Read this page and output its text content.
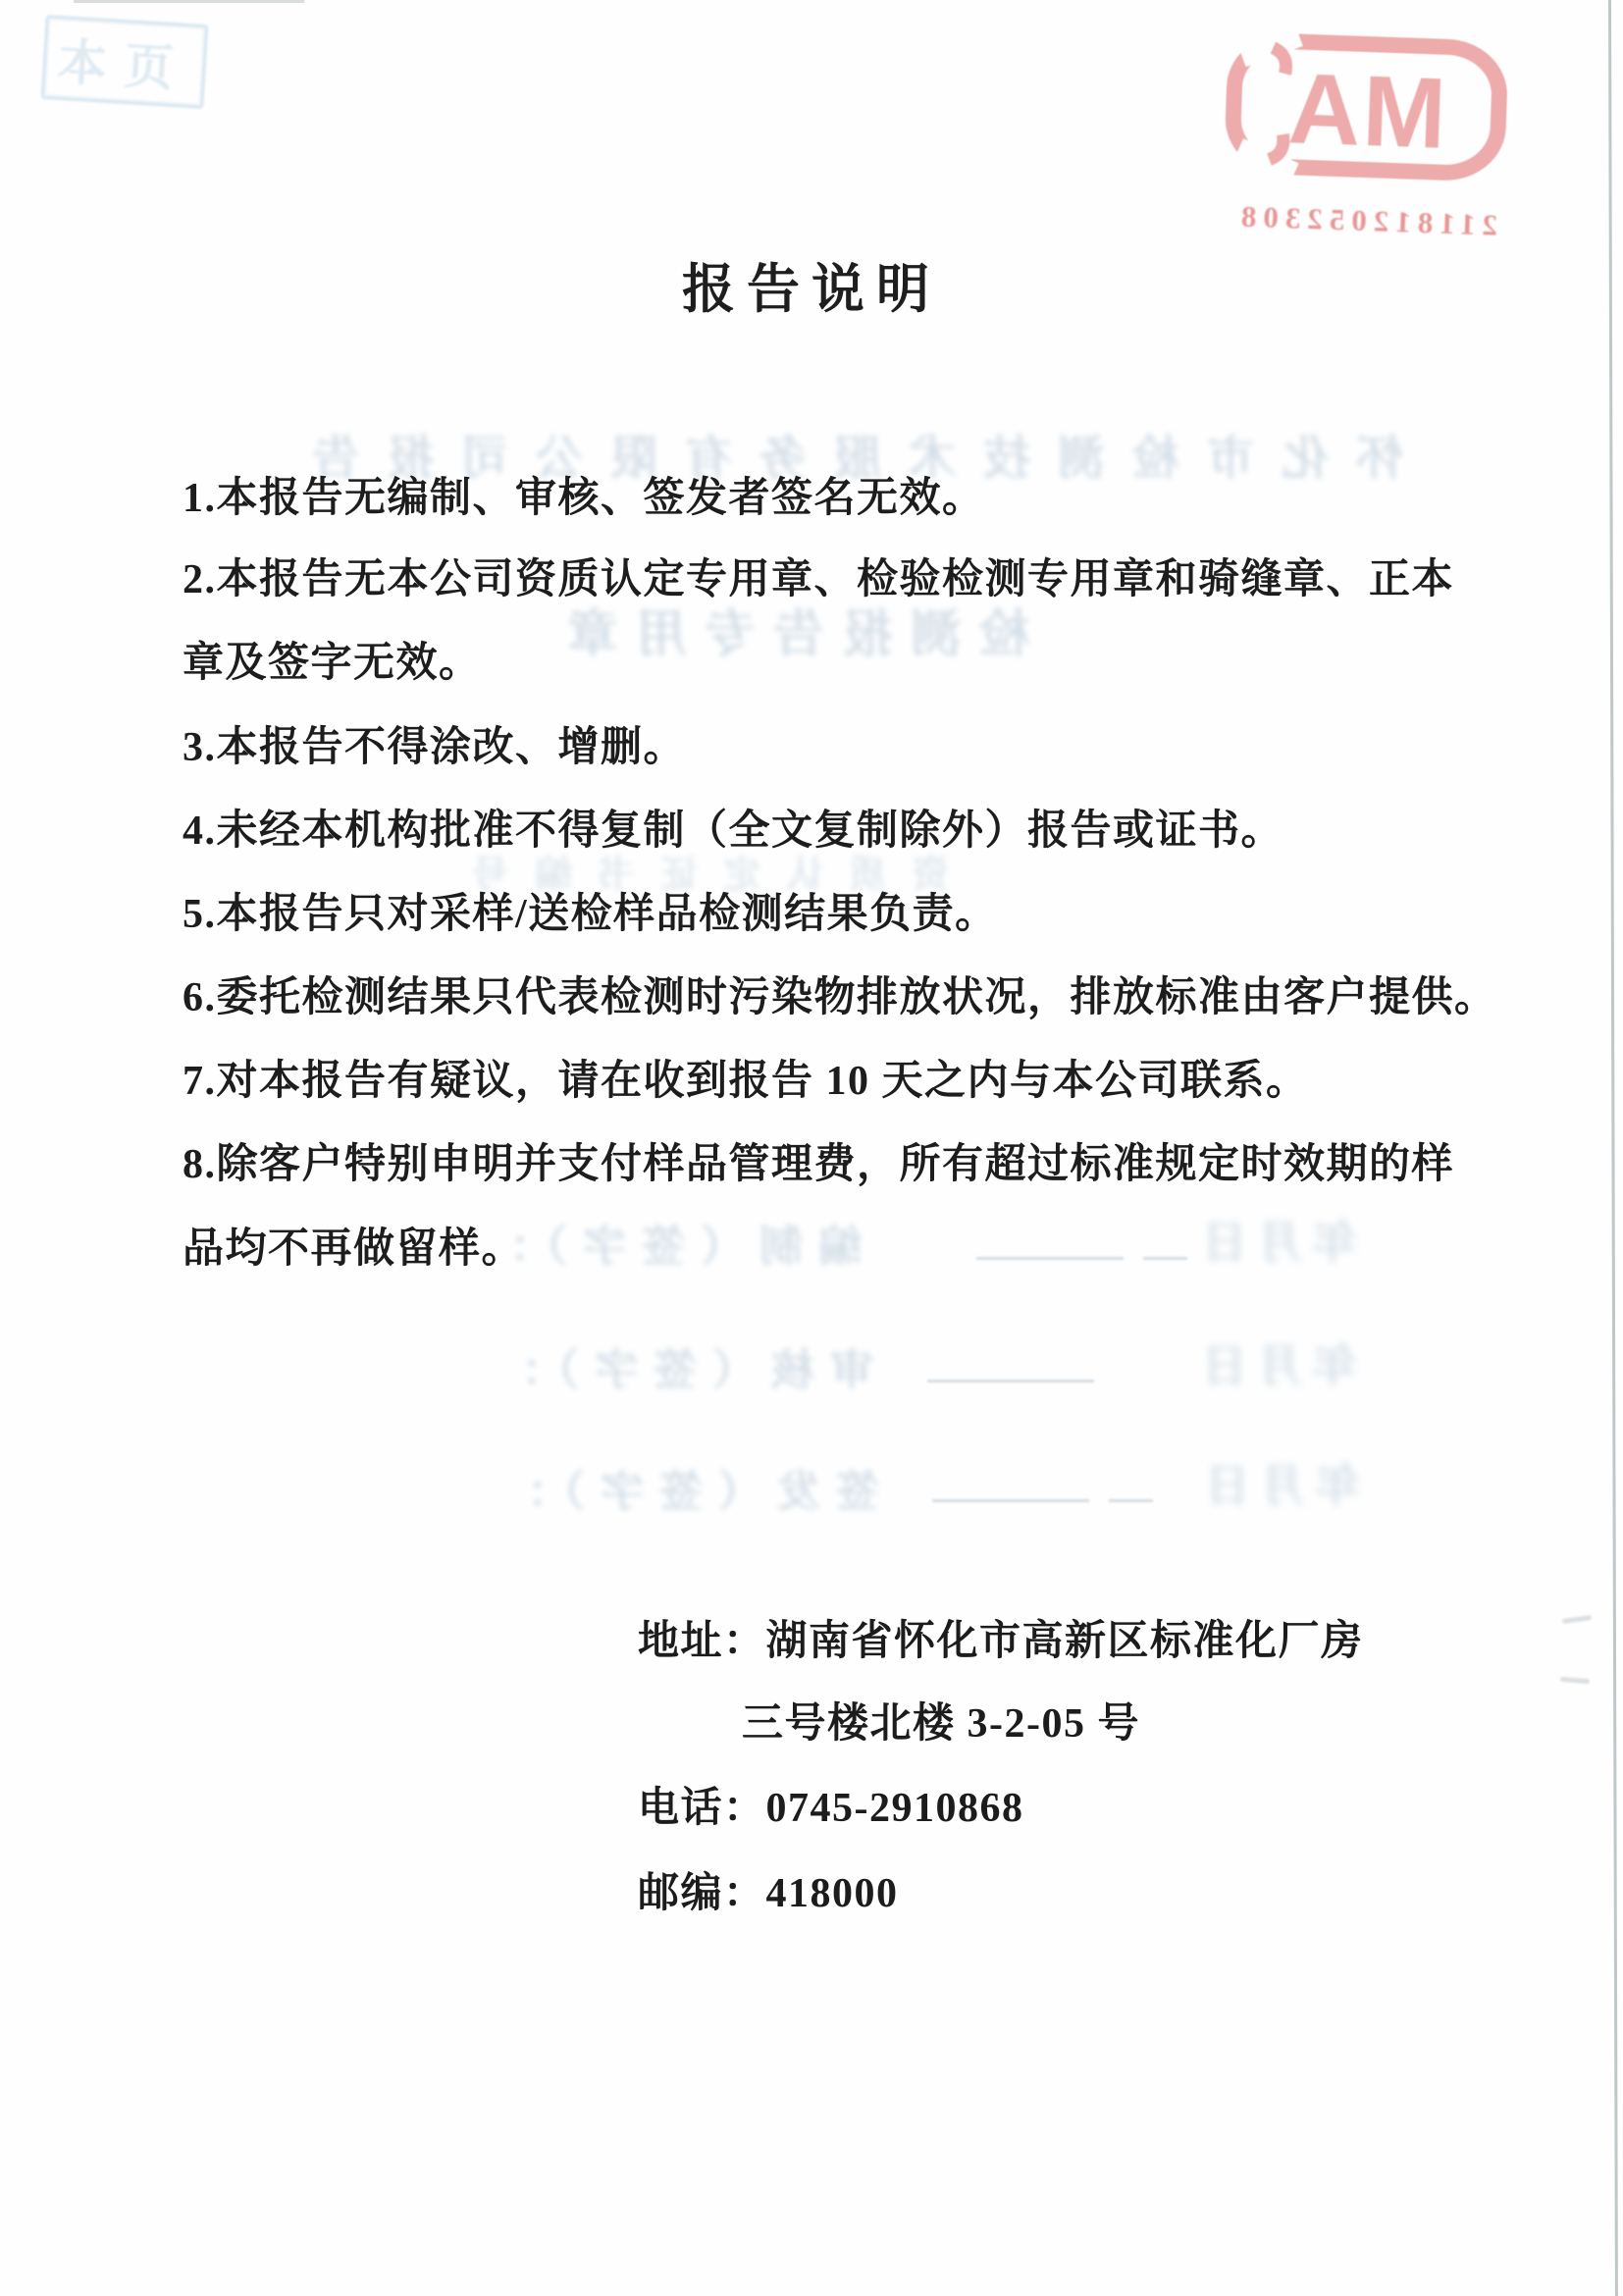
本页	MA
211812052308
报告说明
怀化市检测技术服务有限公司报告
检测报告专用章
资质认定证书编号
编制（签字）：	年月日
审核（签字）：	年月日
签发（签字）：	年月日
1.本报告无编制、审核、签发者签名无效。
2.本报告无本公司资质认定专用章、检验检测专用章和骑缝章、正本
章及签字无效。
3.本报告不得涂改、增删。
4.未经本机构批准不得复制（全文复制除外）报告或证书。
5.本报告只对采样/送检样品检测结果负责。
6.委托检测结果只代表检测时污染物排放状况，排放标准由客户提供。
7.对本报告有疑议，请在收到报告 10 天之内与本公司联系。
8.除客户特别申明并支付样品管理费，所有超过标准规定时效期的样
品均不再做留样。
地址：湖南省怀化市高新区标准化厂房
三号楼北楼 3-2-05 号
电话：0745-2910868
邮编：418000
